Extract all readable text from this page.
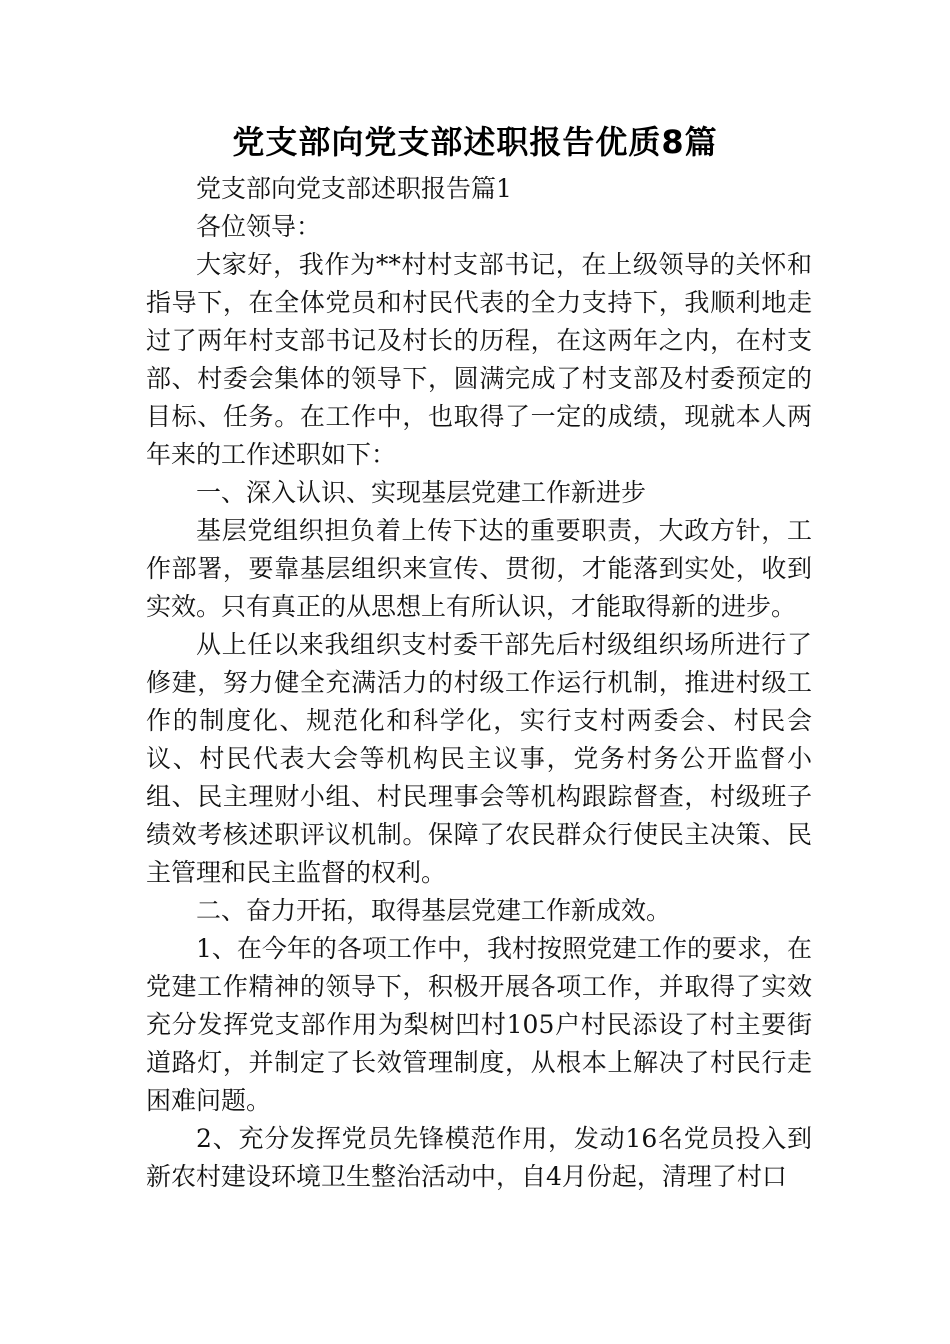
党支部向党支部述职报告优质8篇

党支部向党支部述职报告篇1

各位领导：

大家好，我作为**村村支部书记，在上级领导的关怀和指导下，在全体党员和村民代表的全力支持下，我顺利地走过了两年村支部书记及村长的历程，在这两年之内，在村支部、村委会集体的领导下，圆满完成了村支部及村委预定的目标、任务。在工作中，也取得了一定的成绩，现就本人两年来的工作述职如下：

一、深入认识、实现基层党建工作新进步

基层党组织担负着上传下达的重要职责，大政方针，工作部署，要靠基层组织来宣传、贯彻，才能落到实处，收到实效。只有真正的从思想上有所认识，才能取得新的进步。

从上任以来我组织支村委干部先后村级组织场所进行了修建，努力健全充满活力的村级工作运行机制，推进村级工作的制度化、规范化和科学化，实行支村两委会、村民会议、村民代表大会等机构民主议事，党务村务公开监督小组、民主理财小组、村民理事会等机构跟踪督查，村级班子绩效考核述职评议机制。保障了农民群众行使民主决策、民主管理和民主监督的权利。

二、奋力开拓，取得基层党建工作新成效。

1、在今年的各项工作中，我村按照党建工作的要求，在党建工作精神的领导下，积极开展各项工作，并取得了实效充分发挥党支部作用为梨树凹村105户村民添设了村主要街道路灯，并制定了长效管理制度，从根本上解决了村民行走困难问题。

2、充分发挥党员先锋模范作用，发动16名党员投入到新农村建设环境卫生整治活动中，自4月份起，清理了村口
